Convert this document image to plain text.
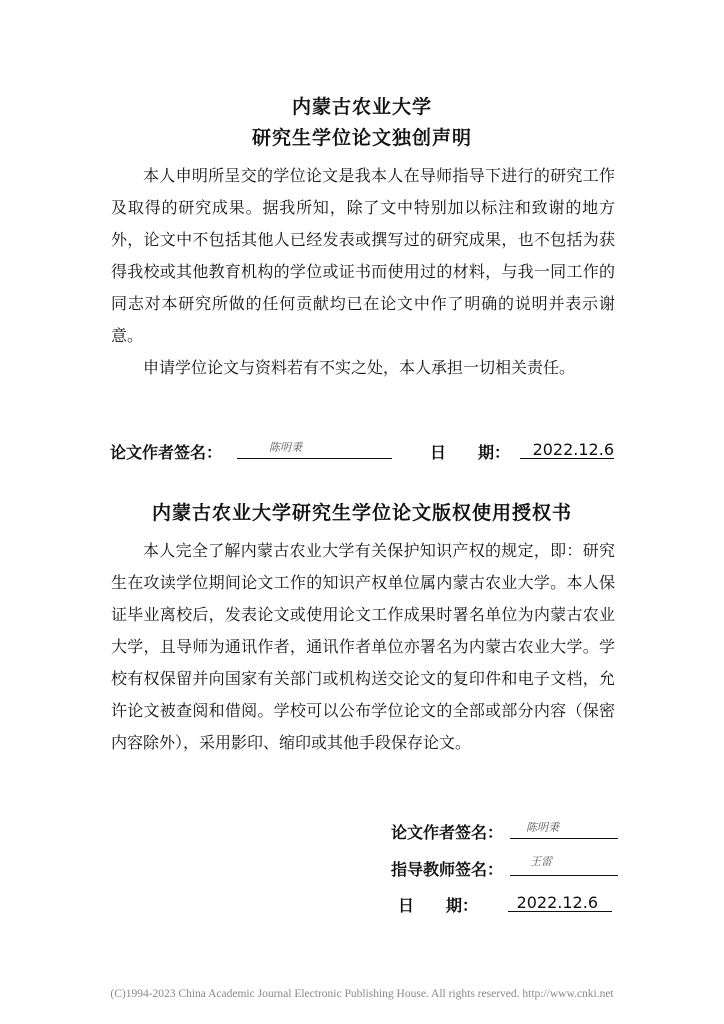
内蒙古农业大学
研究生学位论文独创声明

本人申明所呈交的学位论文是我本人在导师指导下进行的研究工作及取得的研究成果。据我所知，除了文中特别加以标注和致谢的地方外，论文中不包括其他人已经发表或撰写过的研究成果，也不包括为获得我校或其他教育机构的学位或证书而使用过的材料，与我一同工作的同志对本研究所做的任何贡献均已在论文中作了明确的说明并表示谢意。

申请学位论文与资料若有不实之处，本人承担一切相关责任。

论文作者签名：	陈明秉	日　　期： 2022.12.6
内蒙古农业大学研究生学位论文版权使用授权书

本人完全了解内蒙古农业大学有关保护知识产权的规定，即：研究生在攻读学位期间论文工作的知识产权单位属内蒙古农业大学。本人保证毕业离校后，发表论文或使用论文工作成果时署名单位为内蒙古农业大学，且导师为通讯作者，通讯作者单位亦署名为内蒙古农业大学。学校有权保留并向国家有关部门或机构送交论文的复印件和电子文档，允许论文被查阅和借阅。学校可以公布学位论文的全部或部分内容（保密内容除外），采用影印、缩印或其他手段保存论文。

论文作者签名： 陈明秉
指导教师签名： 王雷
日　　期： 2022.12.6
(C)1994-2023 China Academic Journal Electronic Publishing House. All rights reserved. http://www.cnki.net
